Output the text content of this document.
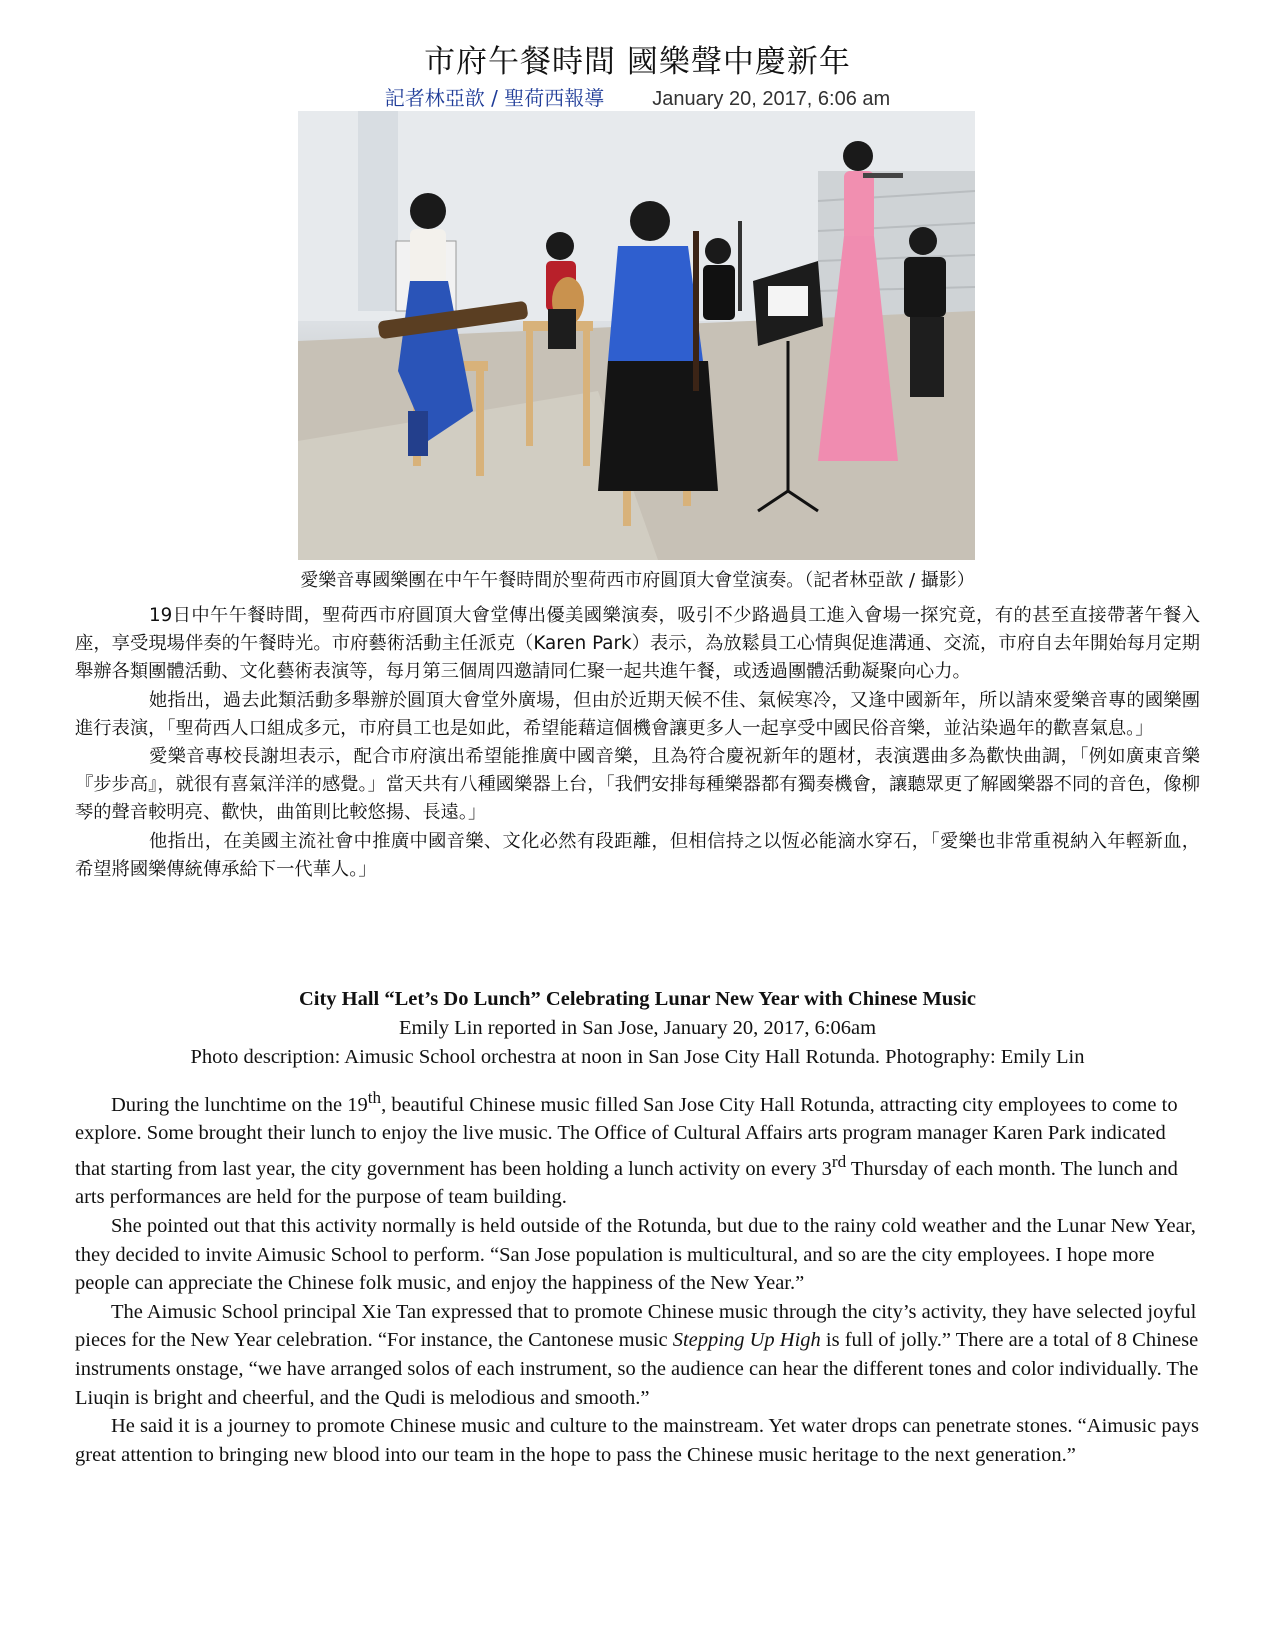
市府午餐時間 國樂聲中慶新年
記者林亞歆 / 聖荷西報導 January 20, 2017, 6:06 am
愛樂音專國樂團在中午午餐時間於聖荷西市府圓頂大會堂演奏。（記者林亞歆 / 攝影）

19日中午午餐時間，聖荷西市府圓頂大會堂傳出優美國樂演奏，吸引不少路過員工進入會場一探究竟，有的甚至直接帶著午餐入座，享受現場伴奏的午餐時光。市府藝術活動主任派克（Karen Park）表示，為放鬆員工心情與促進溝通、交流，市府自去年開始每月定期舉辦各類團體活動、文化藝術表演等，每月第三個周四邀請同仁聚一起共進午餐，或透過團體活動凝聚向心力。

她指出，過去此類活動多舉辦於圓頂大會堂外廣場，但由於近期天候不佳、氣候寒冷，又逢中國新年，所以請來愛樂音專的國樂團進行表演，「聖荷西人口組成多元，市府員工也是如此，希望能藉這個機會讓更多人一起享受中國民俗音樂，並沾染過年的歡喜氣息。」

愛樂音專校長謝坦表示，配合市府演出希望能推廣中國音樂，且為符合慶祝新年的題材，表演選曲多為歡快曲調，「例如廣東音樂『步步高』，就很有喜氣洋洋的感覺。」當天共有八種國樂器上台，「我們安排每種樂器都有獨奏機會，讓聽眾更了解國樂器不同的音色，像柳琴的聲音較明亮、歡快，曲笛則比較悠揚、長遠。」

他指出，在美國主流社會中推廣中國音樂、文化必然有段距離，但相信持之以恆必能滴水穿石，「愛樂也非常重視納入年輕新血，希望將國樂傳統傳承給下一代華人。」

City Hall “Let’s Do Lunch” Celebrating Lunar New Year with Chinese Music

Emily Lin reported in San Jose, January 20, 2017, 6:06am

Photo description: Aimusic School orchestra at noon in San Jose City Hall Rotunda. Photography: Emily Lin

During the lunchtime on the 19th, beautiful Chinese music filled San Jose City Hall Rotunda, attracting city employees to come to explore. Some brought their lunch to enjoy the live music. The Office of Cultural Affairs arts program manager Karen Park indicated that starting from last year, the city government has been holding a lunch activity on every 3rd Thursday of each month. The lunch and arts performances are held for the purpose of team building.

She pointed out that this activity normally is held outside of the Rotunda, but due to the rainy cold weather and the Lunar New Year, they decided to invite Aimusic School to perform. “San Jose population is multicultural, and so are the city employees. I hope more people can appreciate the Chinese folk music, and enjoy the happiness of the New Year.”

The Aimusic School principal Xie Tan expressed that to promote Chinese music through the city’s activity, they have selected joyful pieces for the New Year celebration. “For instance, the Cantonese music Stepping Up High is full of jolly.” There are a total of 8 Chinese instruments onstage, “we have arranged solos of each instrument, so the audience can hear the different tones and color individually. The Liuqin is bright and cheerful, and the Qudi is melodious and smooth.”

He said it is a journey to promote Chinese music and culture to the mainstream. Yet water drops can penetrate stones. “Aimusic pays great attention to bringing new blood into our team in the hope to pass the Chinese music heritage to the next generation.”
